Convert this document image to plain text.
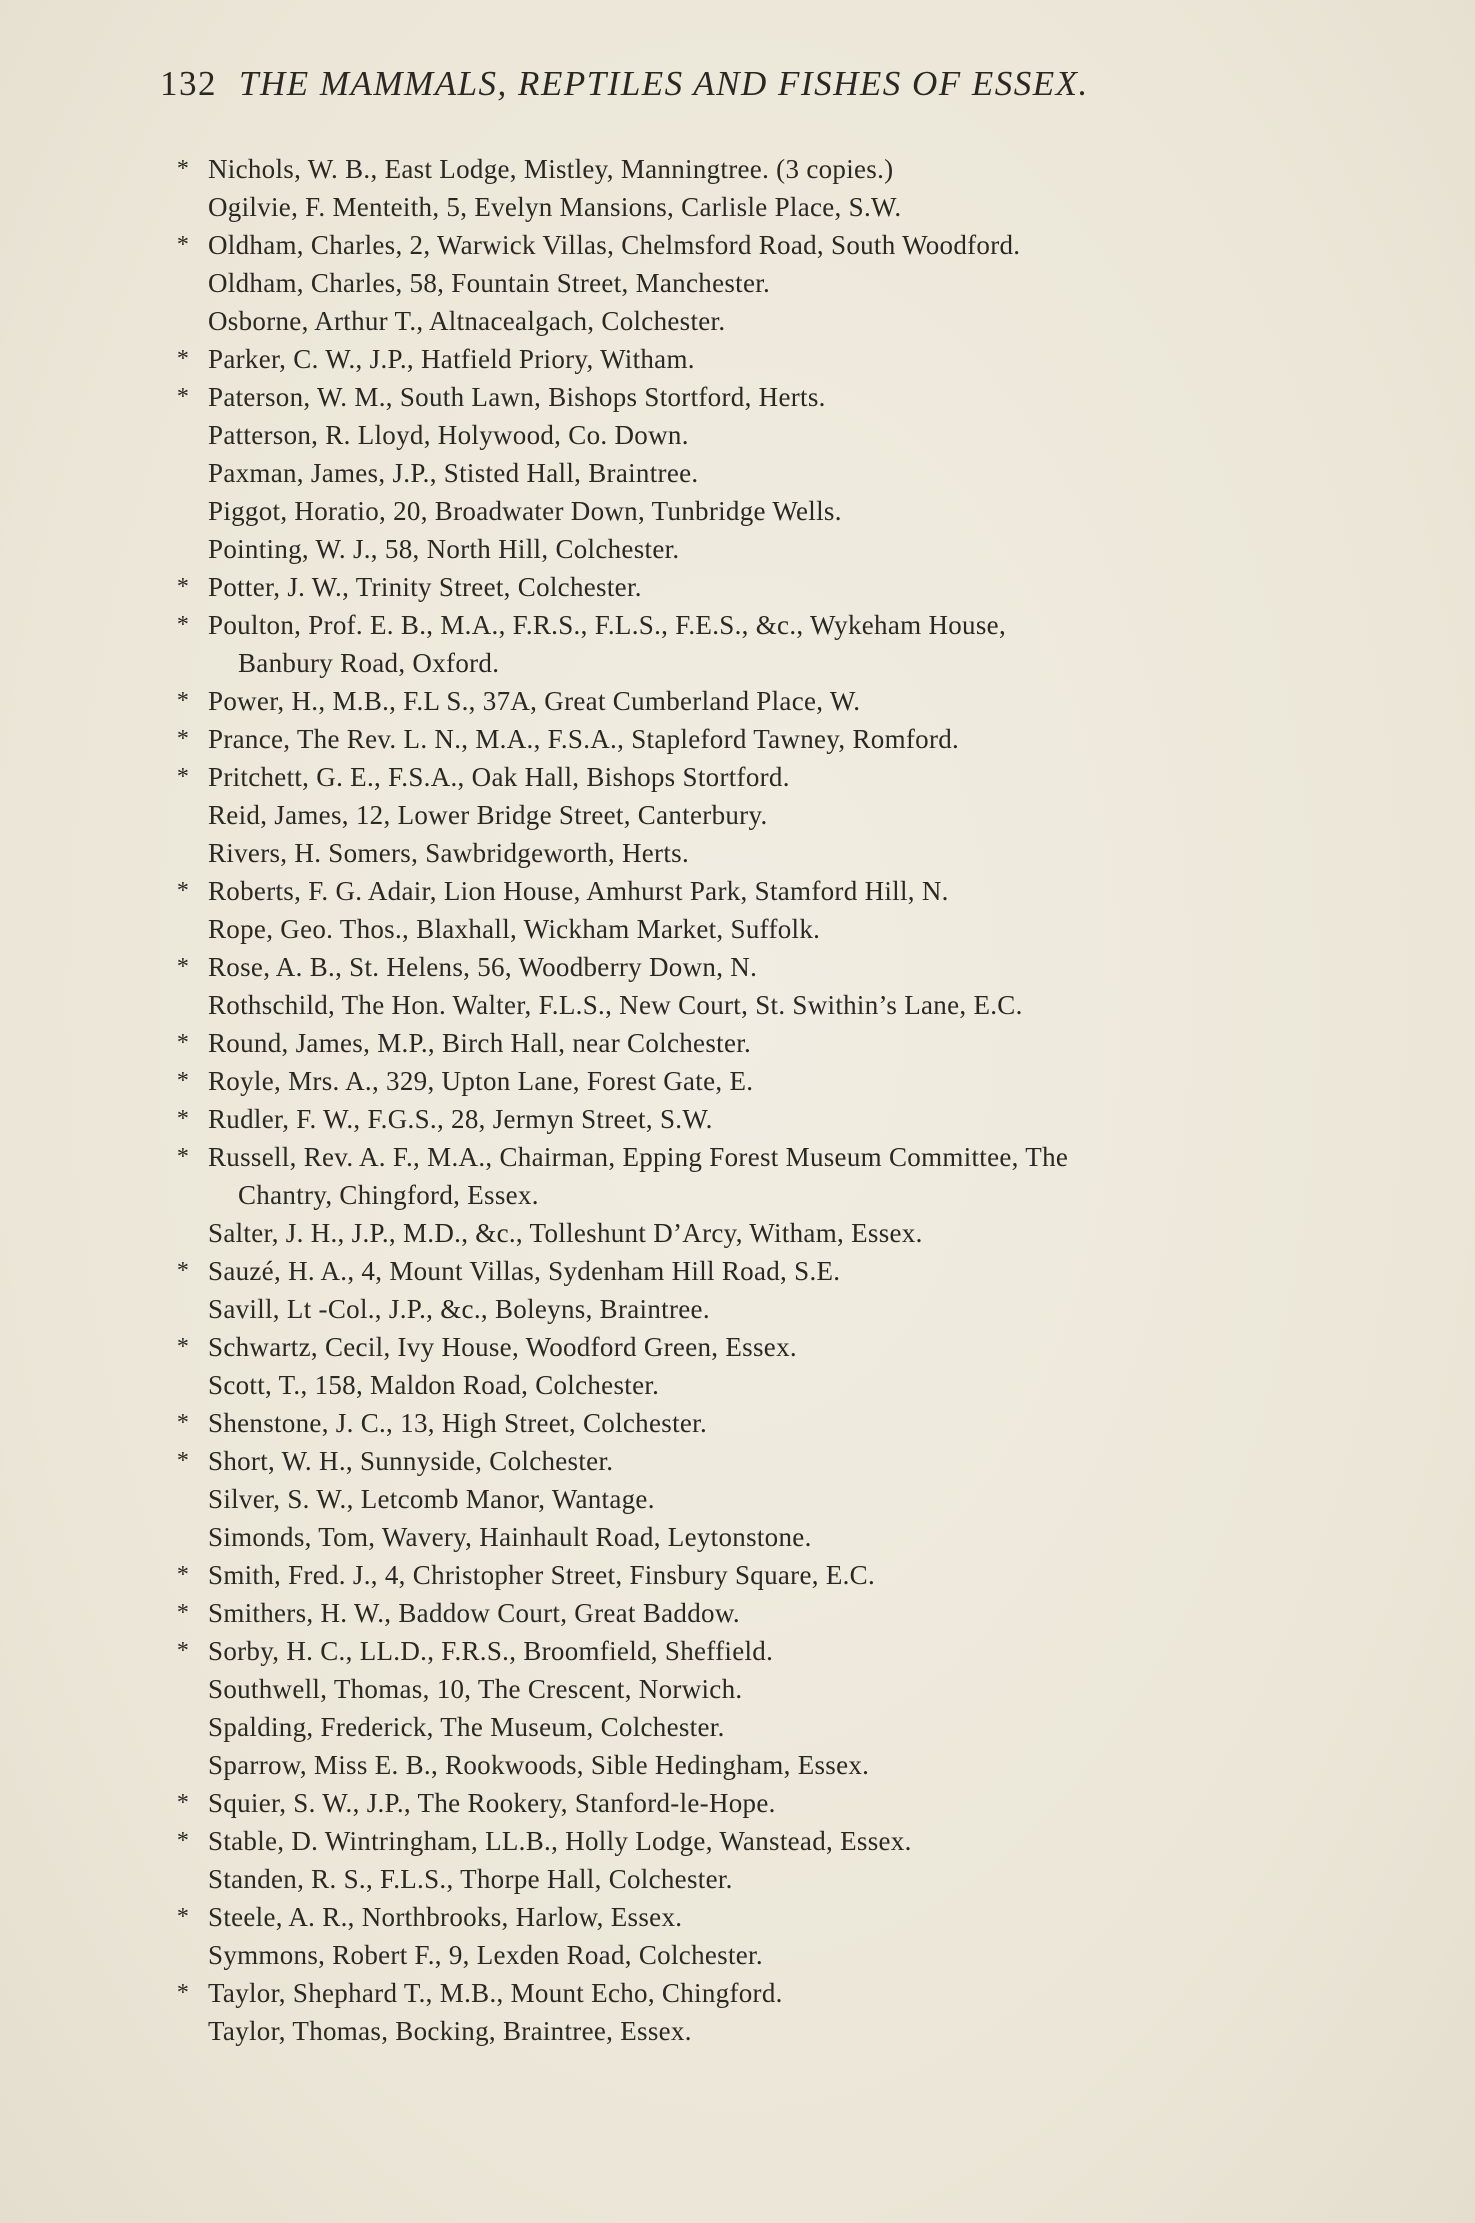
132 THE MAMMALS, REPTILES AND FISHES OF ESSEX.
* Nichols, W. B., East Lodge, Mistley, Manningtree. (3 copies.)
Ogilvie, F. Menteith, 5, Evelyn Mansions, Carlisle Place, S.W.
* Oldham, Charles, 2, Warwick Villas, Chelmsford Road, South Woodford.
Oldham, Charles, 58, Fountain Street, Manchester.
Osborne, Arthur T., Altnacealgach, Colchester.
* Parker, C. W., J.P., Hatfield Priory, Witham.
* Paterson, W. M., South Lawn, Bishops Stortford, Herts.
Patterson, R. Lloyd, Holywood, Co. Down.
Paxman, James, J.P., Stisted Hall, Braintree.
Piggot, Horatio, 20, Broadwater Down, Tunbridge Wells.
Pointing, W. J., 58, North Hill, Colchester.
* Potter, J. W., Trinity Street, Colchester.
* Poulton, Prof. E. B., M.A., F.R.S., F.L.S., F.E.S., &c., Wykeham House,
Banbury Road, Oxford.
* Power, H., M.B., F.L S., 37A, Great Cumberland Place, W.
* Prance, The Rev. L. N., M.A., F.S.A., Stapleford Tawney, Romford.
* Pritchett, G. E., F.S.A., Oak Hall, Bishops Stortford.
Reid, James, 12, Lower Bridge Street, Canterbury.
Rivers, H. Somers, Sawbridgeworth, Herts.
* Roberts, F. G. Adair, Lion House, Amhurst Park, Stamford Hill, N.
Rope, Geo. Thos., Blaxhall, Wickham Market, Suffolk.
* Rose, A. B., St. Helens, 56, Woodberry Down, N.
Rothschild, The Hon. Walter, F.L.S., New Court, St. Swithin’s Lane, E.C.
* Round, James, M.P., Birch Hall, near Colchester.
* Royle, Mrs. A., 329, Upton Lane, Forest Gate, E.
* Rudler, F. W., F.G.S., 28, Jermyn Street, S.W.
* Russell, Rev. A. F., M.A., Chairman, Epping Forest Museum Committee, The
Chantry, Chingford, Essex.
Salter, J. H., J.P., M.D., &c., Tolleshunt D’Arcy, Witham, Essex.
* Sauzé, H. A., 4, Mount Villas, Sydenham Hill Road, S.E.
Savill, Lt -Col., J.P., &c., Boleyns, Braintree.
* Schwartz, Cecil, Ivy House, Woodford Green, Essex.
Scott, T., 158, Maldon Road, Colchester.
* Shenstone, J. C., 13, High Street, Colchester.
* Short, W. H., Sunnyside, Colchester.
Silver, S. W., Letcomb Manor, Wantage.
Simonds, Tom, Wavery, Hainhault Road, Leytonstone.
* Smith, Fred. J., 4, Christopher Street, Finsbury Square, E.C.
* Smithers, H. W., Baddow Court, Great Baddow.
* Sorby, H. C., LL.D., F.R.S., Broomfield, Sheffield.
Southwell, Thomas, 10, The Crescent, Norwich.
Spalding, Frederick, The Museum, Colchester.
Sparrow, Miss E. B., Rookwoods, Sible Hedingham, Essex.
* Squier, S. W., J.P., The Rookery, Stanford-le-Hope.
* Stable, D. Wintringham, LL.B., Holly Lodge, Wanstead, Essex.
Standen, R. S., F.L.S., Thorpe Hall, Colchester.
* Steele, A. R., Northbrooks, Harlow, Essex.
Symmons, Robert F., 9, Lexden Road, Colchester.
* Taylor, Shephard T., M.B., Mount Echo, Chingford.
Taylor, Thomas, Bocking, Braintree, Essex.
